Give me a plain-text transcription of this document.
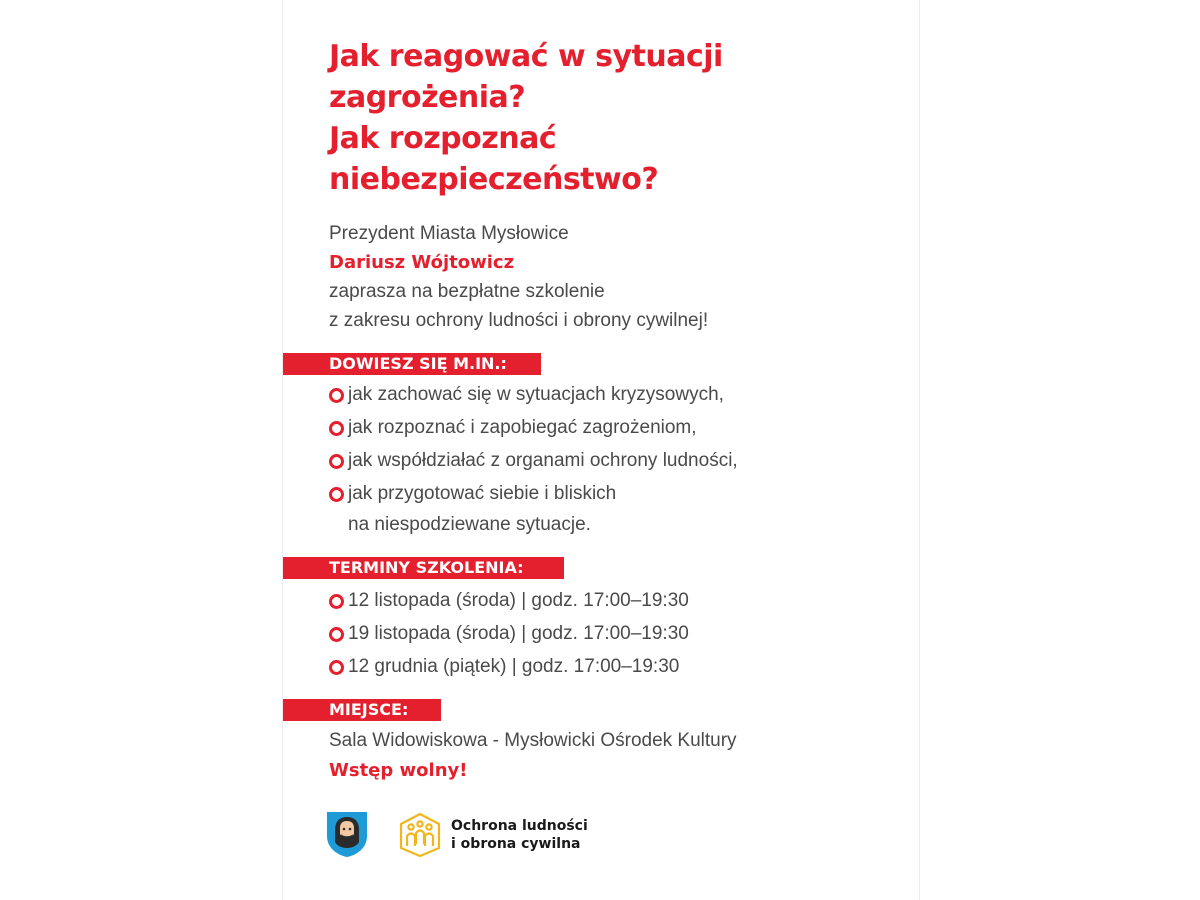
Jak reagować w sytuacji
zagrożenia?
Jak rozpoznać
niebezpieczeństwo?
Prezydent Miasta Mysłowice
Dariusz Wójtowicz
zaprasza na bezpłatne szkolenie
z zakresu ochrony ludności i obrony cywilnej!
DOWIESZ SIĘ M.IN.:
jak zachować się w sytuacjach kryzysowych,
jak rozpoznać i zapobiegać zagrożeniom,
jak współdziałać z organami ochrony ludności,
jak przygotować siebie i bliskich
na niespodziewane sytuacje.
TERMINY SZKOLENIA:
12 listopada (środa) | godz. 17:00–19:30
19 listopada (środa) | godz. 17:00–19:30
12 grudnia (piątek) | godz. 17:00–19:30
MIEJSCE:
Sala Widowiskowa - Mysłowicki Ośrodek Kultury
Wstęp wolny!
Ochrona ludności
i obrona cywilna
